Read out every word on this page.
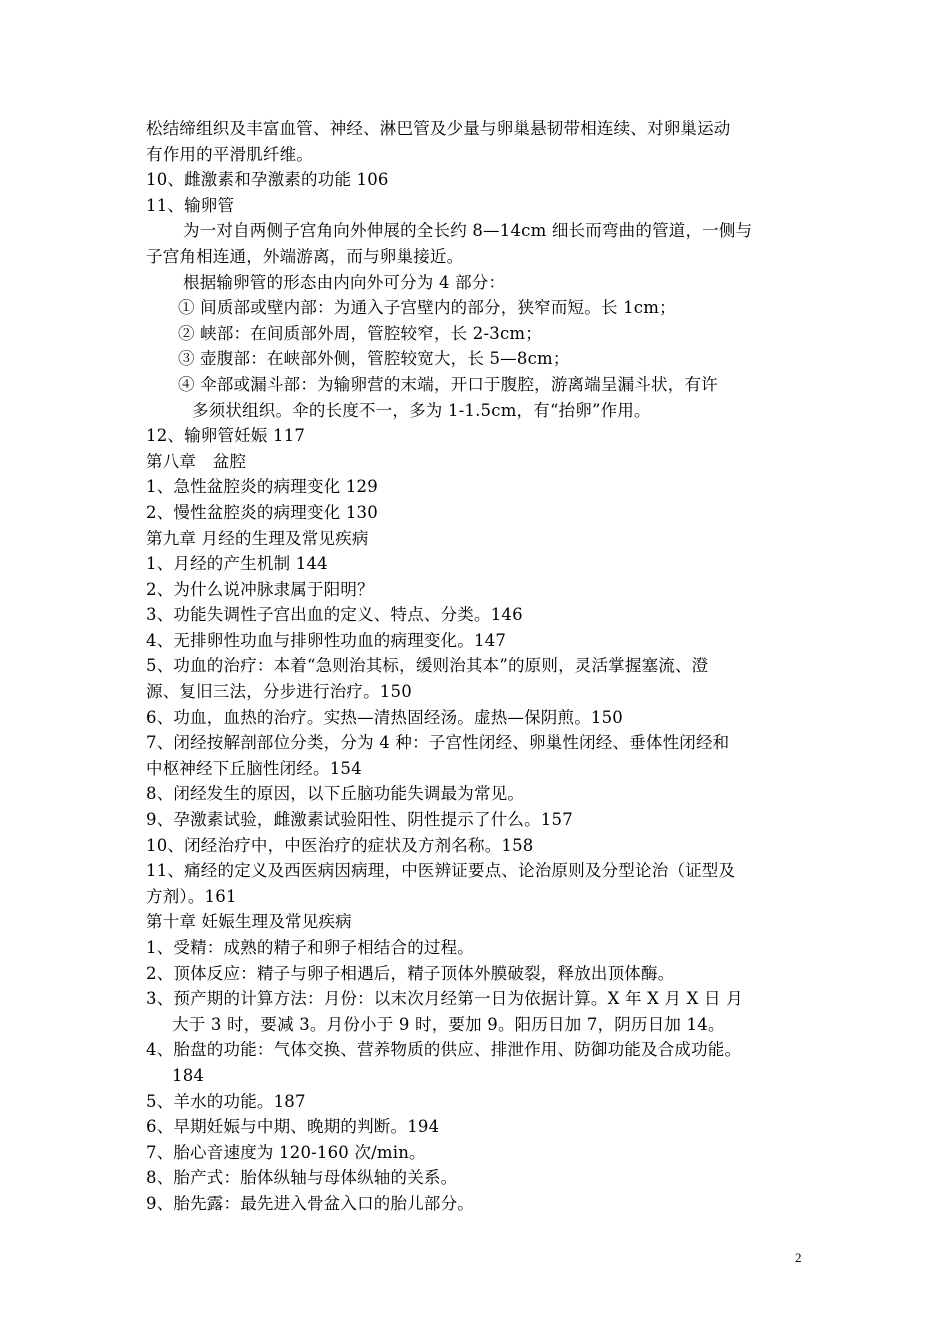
松结缔组织及丰富血管、神经、淋巴管及少量与卵巢悬韧带相连续、对卵巢运动
有作用的平滑肌纤维。
10、雌激素和孕激素的功能 106
11、输卵管
为一对自两侧子宫角向外伸展的全长约 8—14cm 细长而弯曲的管道，一侧与
子宫角相连通，外端游离，而与卵巢接近。
根据输卵管的形态由内向外可分为 4 部分：
① 间质部或壁内部：为通入子宫壁内的部分，狭窄而短。长 1cm；
② 峡部：在间质部外周，管腔较窄，长 2-3cm；
③ 壶腹部：在峡部外侧，管腔较宽大，长 5—8cm；
④ 伞部或漏斗部：为输卵营的末端，开口于腹腔，游离端呈漏斗状，有许
多须状组织。伞的长度不一，多为 1-1.5cm，有“抬卵”作用。
12、输卵管妊娠 117
第八章　盆腔
1、急性盆腔炎的病理变化 129
2、慢性盆腔炎的病理变化 130
第九章 月经的生理及常见疾病
1、月经的产生机制 144
2、为什么说冲脉隶属于阳明？
3、功能失调性子宫出血的定义、特点、分类。146
4、无排卵性功血与排卵性功血的病理变化。147
5、功血的治疗：本着“急则治其标，缓则治其本”的原则，灵活掌握塞流、澄
源、复旧三法，分步进行治疗。150
6、功血，血热的治疗。实热—清热固经汤。虚热—保阴煎。150
7、闭经按解剖部位分类，分为 4 种：子宫性闭经、卵巢性闭经、垂体性闭经和
中枢神经下丘脑性闭经。154
8、闭经发生的原因，以下丘脑功能失调最为常见。
9、孕激素试验，雌激素试验阳性、阴性提示了什么。157
10、闭经治疗中，中医治疗的症状及方剂名称。158
11、痛经的定义及西医病因病理，中医辨证要点、论治原则及分型论治（证型及
方剂）。161
第十章 妊娠生理及常见疾病
1、受精：成熟的精子和卵子相结合的过程。
2、顶体反应：精子与卵子相遇后，精子顶体外膜破裂，释放出顶体酶。
3、预产期的计算方法：月份：以末次月经第一日为依据计算。X 年 X 月 X 日 月
大于 3 时，要减 3。月份小于 9 时，要加 9。阳历日加 7，阴历日加 14。
4、胎盘的功能：气体交换、营养物质的供应、排泄作用、防御功能及合成功能。
184
5、羊水的功能。187
6、早期妊娠与中期、晚期的判断。194
7、胎心音速度为 120-160 次/min。
8、胎产式：胎体纵轴与母体纵轴的关系。
9、胎先露：最先进入骨盆入口的胎儿部分。
2
